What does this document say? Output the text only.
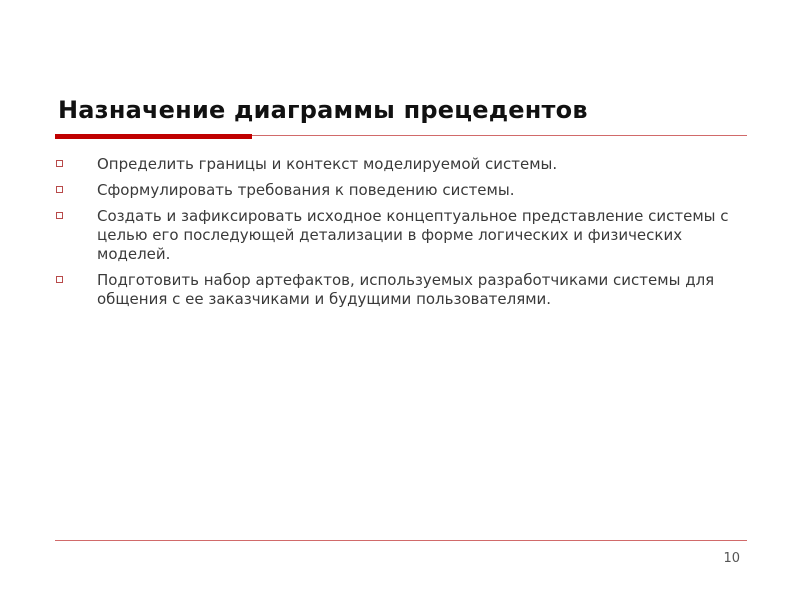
Назначение диаграммы прецедентов
Определить границы и контекст моделируемой системы.
Сформулировать требования к поведению системы.
Создать и зафиксировать исходное концептуальное представление системы с целью его последующей детализации в форме логических и физических моделей.
Подготовить набор артефактов, используемых разработчиками системы для общения с ее заказчиками и будущими пользователями.
10
